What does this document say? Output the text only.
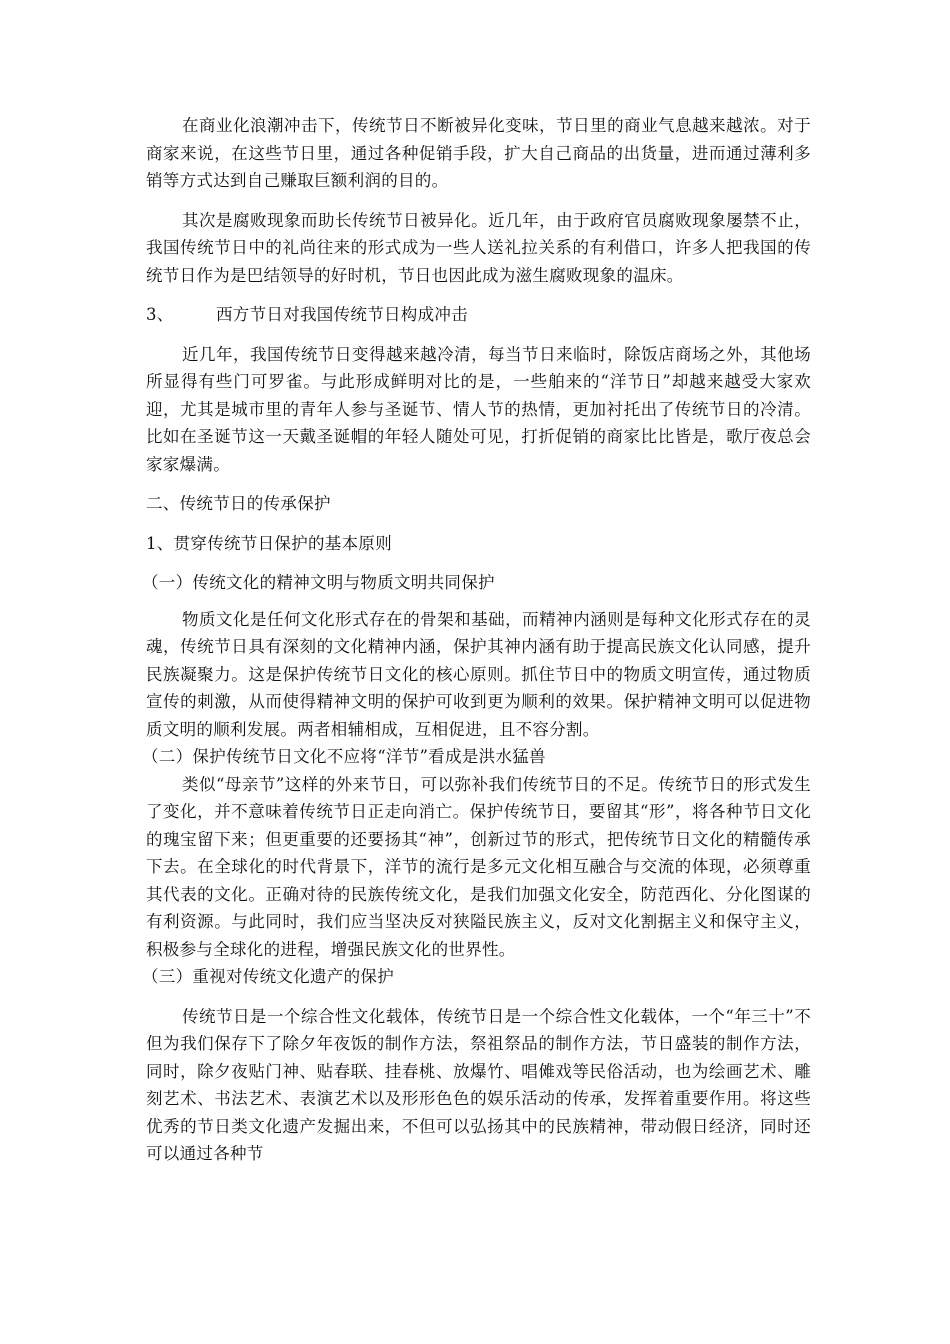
在商业化浪潮冲击下，传统节日不断被异化变味，节日里的商业气息越来越浓。对于商家来说，在这些节日里，通过各种促销手段，扩大自己商品的出货量，进而通过薄利多销等方式达到自己赚取巨额利润的目的。

其次是腐败现象而助长传统节日被异化。近几年，由于政府官员腐败现象屡禁不止，我国传统节日中的礼尚往来的形式成为一些人送礼拉关系的有利借口，许多人把我国的传统节日作为是巴结领导的好时机，节日也因此成为滋生腐败现象的温床。

3、	西方节日对我国传统节日构成冲击

近几年，我国传统节日变得越来越冷清，每当节日来临时，除饭店商场之外，其他场所显得有些门可罗雀。与此形成鲜明对比的是，一些舶来的“洋节日”却越来越受大家欢迎，尤其是城市里的青年人参与圣诞节、情人节的热情，更加衬托出了传统节日的冷清。比如在圣诞节这一天戴圣诞帽的年轻人随处可见，打折促销的商家比比皆是，歌厅夜总会家家爆满。

二、传统节日的传承保护

1、贯穿传统节日保护的基本原则

（一）传统文化的精神文明与物质文明共同保护

物质文化是任何文化形式存在的骨架和基础，而精神内涵则是每种文化形式存在的灵魂，传统节日具有深刻的文化精神内涵，保护其神内涵有助于提高民族文化认同感，提升民族凝聚力。这是保护传统节日文化的核心原则。抓住节日中的物质文明宣传，通过物质宣传的刺激，从而使得精神文明的保护可收到更为顺利的效果。保护精神文明可以促进物质文明的顺利发展。两者相辅相成，互相促进，且不容分割。

（二）保护传统节日文化不应将“洋节”看成是洪水猛兽

类似“母亲节”这样的外来节日，可以弥补我们传统节日的不足。传统节日的形式发生了变化，并不意味着传统节日正走向消亡。保护传统节日，要留其“形”，将各种节日文化的瑰宝留下来；但更重要的还要扬其“神”，创新过节的形式，把传统节日文化的精髓传承下去。在全球化的时代背景下，洋节的流行是多元文化相互融合与交流的体现，必须尊重其代表的文化。正确对待的民族传统文化，是我们加强文化安全，防范西化、分化图谋的有利资源。与此同时，我们应当坚决反对狭隘民族主义，反对文化割据主义和保守主义，积极参与全球化的进程，增强民族文化的世界性。

（三）重视对传统文化遗产的保护

传统节日是一个综合性文化载体，传统节日是一个综合性文化载体，一个“年三十”不但为我们保存下了除夕年夜饭的制作方法，祭祖祭品的制作方法，节日盛装的制作方法，同时，除夕夜贴门神、贴春联、挂春桃、放爆竹、唱傩戏等民俗活动，也为绘画艺术、雕刻艺术、书法艺术、表演艺术以及形形色色的娱乐活动的传承，发挥着重要作用。将这些优秀的节日类文化遗产发掘出来，不但可以弘扬其中的民族精神，带动假日经济，同时还可以通过各种节
